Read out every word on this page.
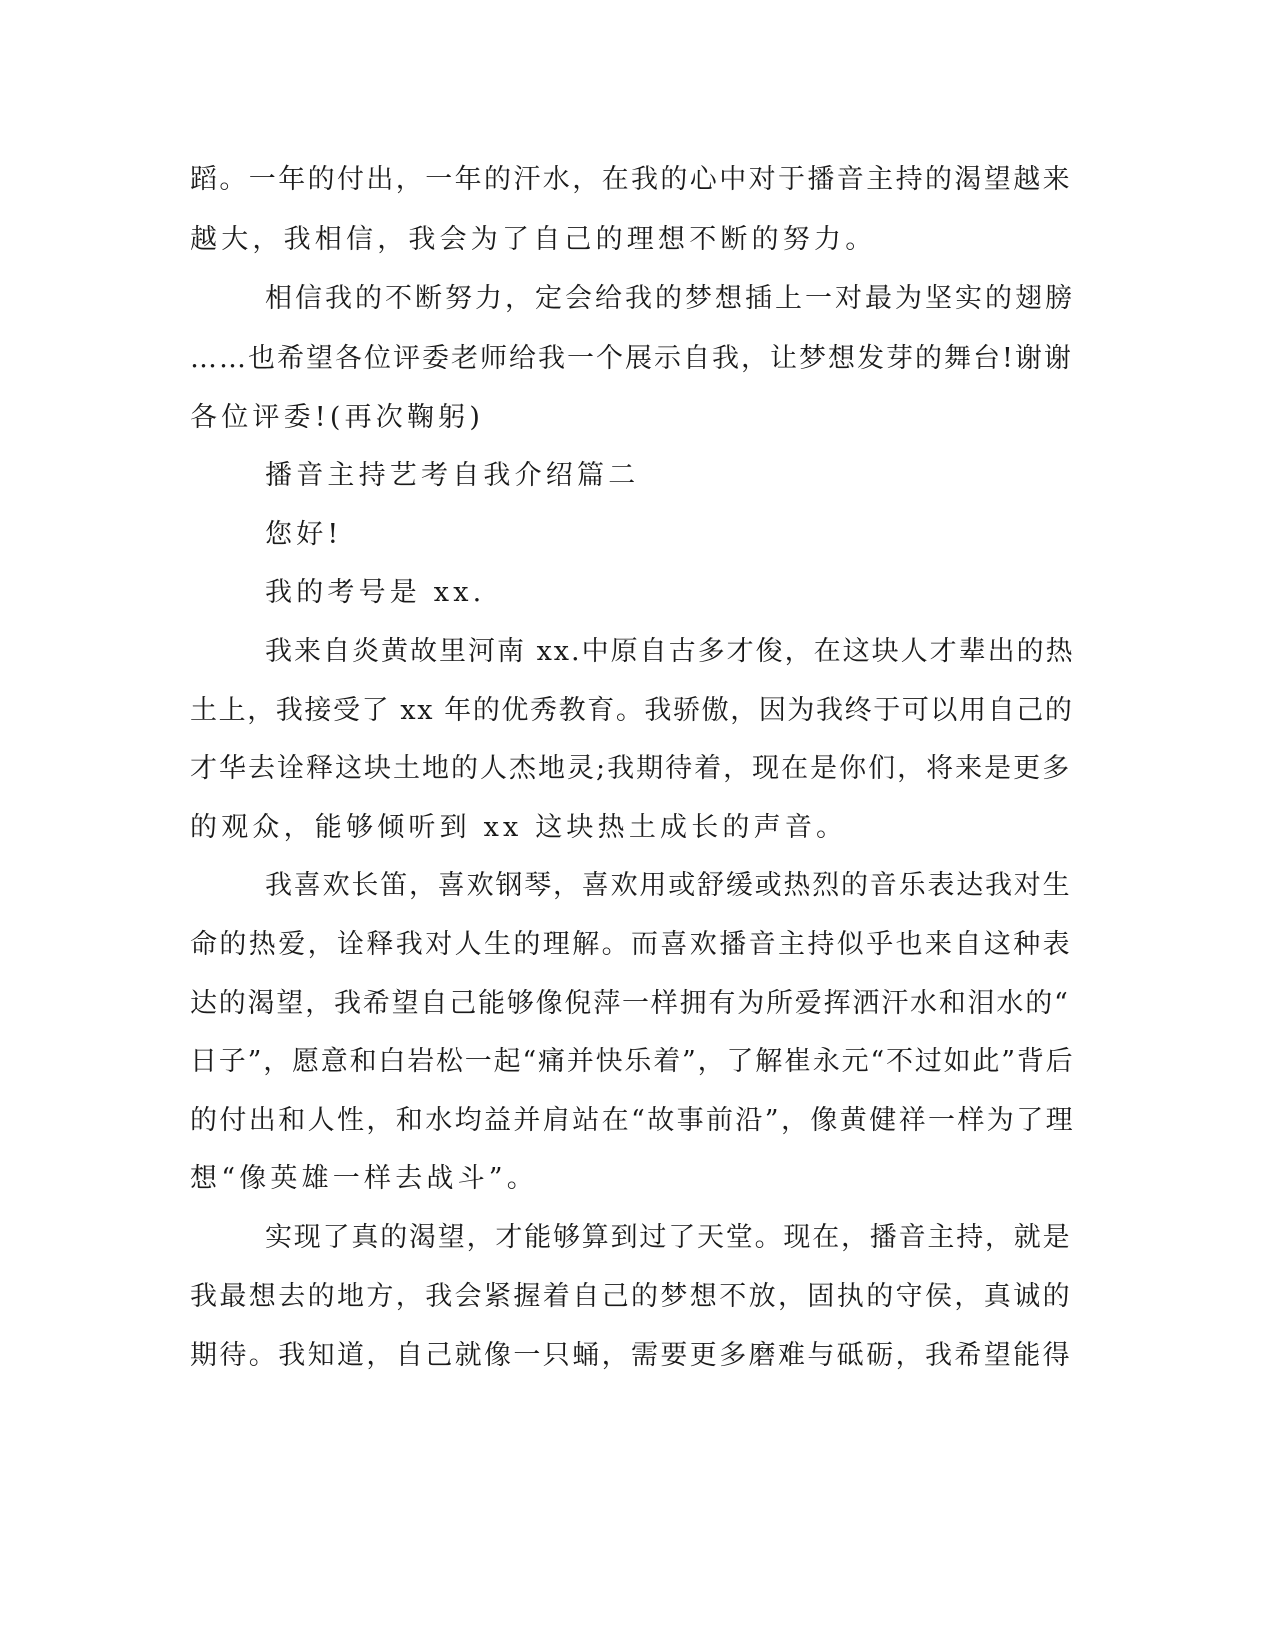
蹈。一年的付出，一年的汗水，在我的心中对于播音主持的渴望越来
越大，我相信，我会为了自己的理想不断的努力。
相信我的不断努力，定会给我的梦想插上一对最为坚实的翅膀
……也希望各位评委老师给我一个展示自我，让梦想发芽的舞台!谢谢
各位评委!(再次鞠躬)
播音主持艺考自我介绍篇二
您好!
我的考号是 xx.
我来自炎黄故里河南 xx.中原自古多才俊，在这块人才辈出的热
土上，我接受了 xx 年的优秀教育。我骄傲，因为我终于可以用自己的
才华去诠释这块土地的人杰地灵;我期待着，现在是你们，将来是更多
的观众，能够倾听到 xx 这块热土成长的声音。
我喜欢长笛，喜欢钢琴，喜欢用或舒缓或热烈的音乐表达我对生
命的热爱，诠释我对人生的理解。而喜欢播音主持似乎也来自这种表
达的渴望，我希望自己能够像倪萍一样拥有为所爱挥洒汗水和泪水的“
日子”，愿意和白岩松一起“痛并快乐着”，了解崔永元“不过如此”背后
的付出和人性，和水均益并肩站在“故事前沿”，像黄健祥一样为了理
想“像英雄一样去战斗”。
实现了真的渴望，才能够算到过了天堂。现在，播音主持，就是
我最想去的地方，我会紧握着自己的梦想不放，固执的守侯，真诚的
期待。我知道，自己就像一只蛹，需要更多磨难与砥砺，我希望能得
